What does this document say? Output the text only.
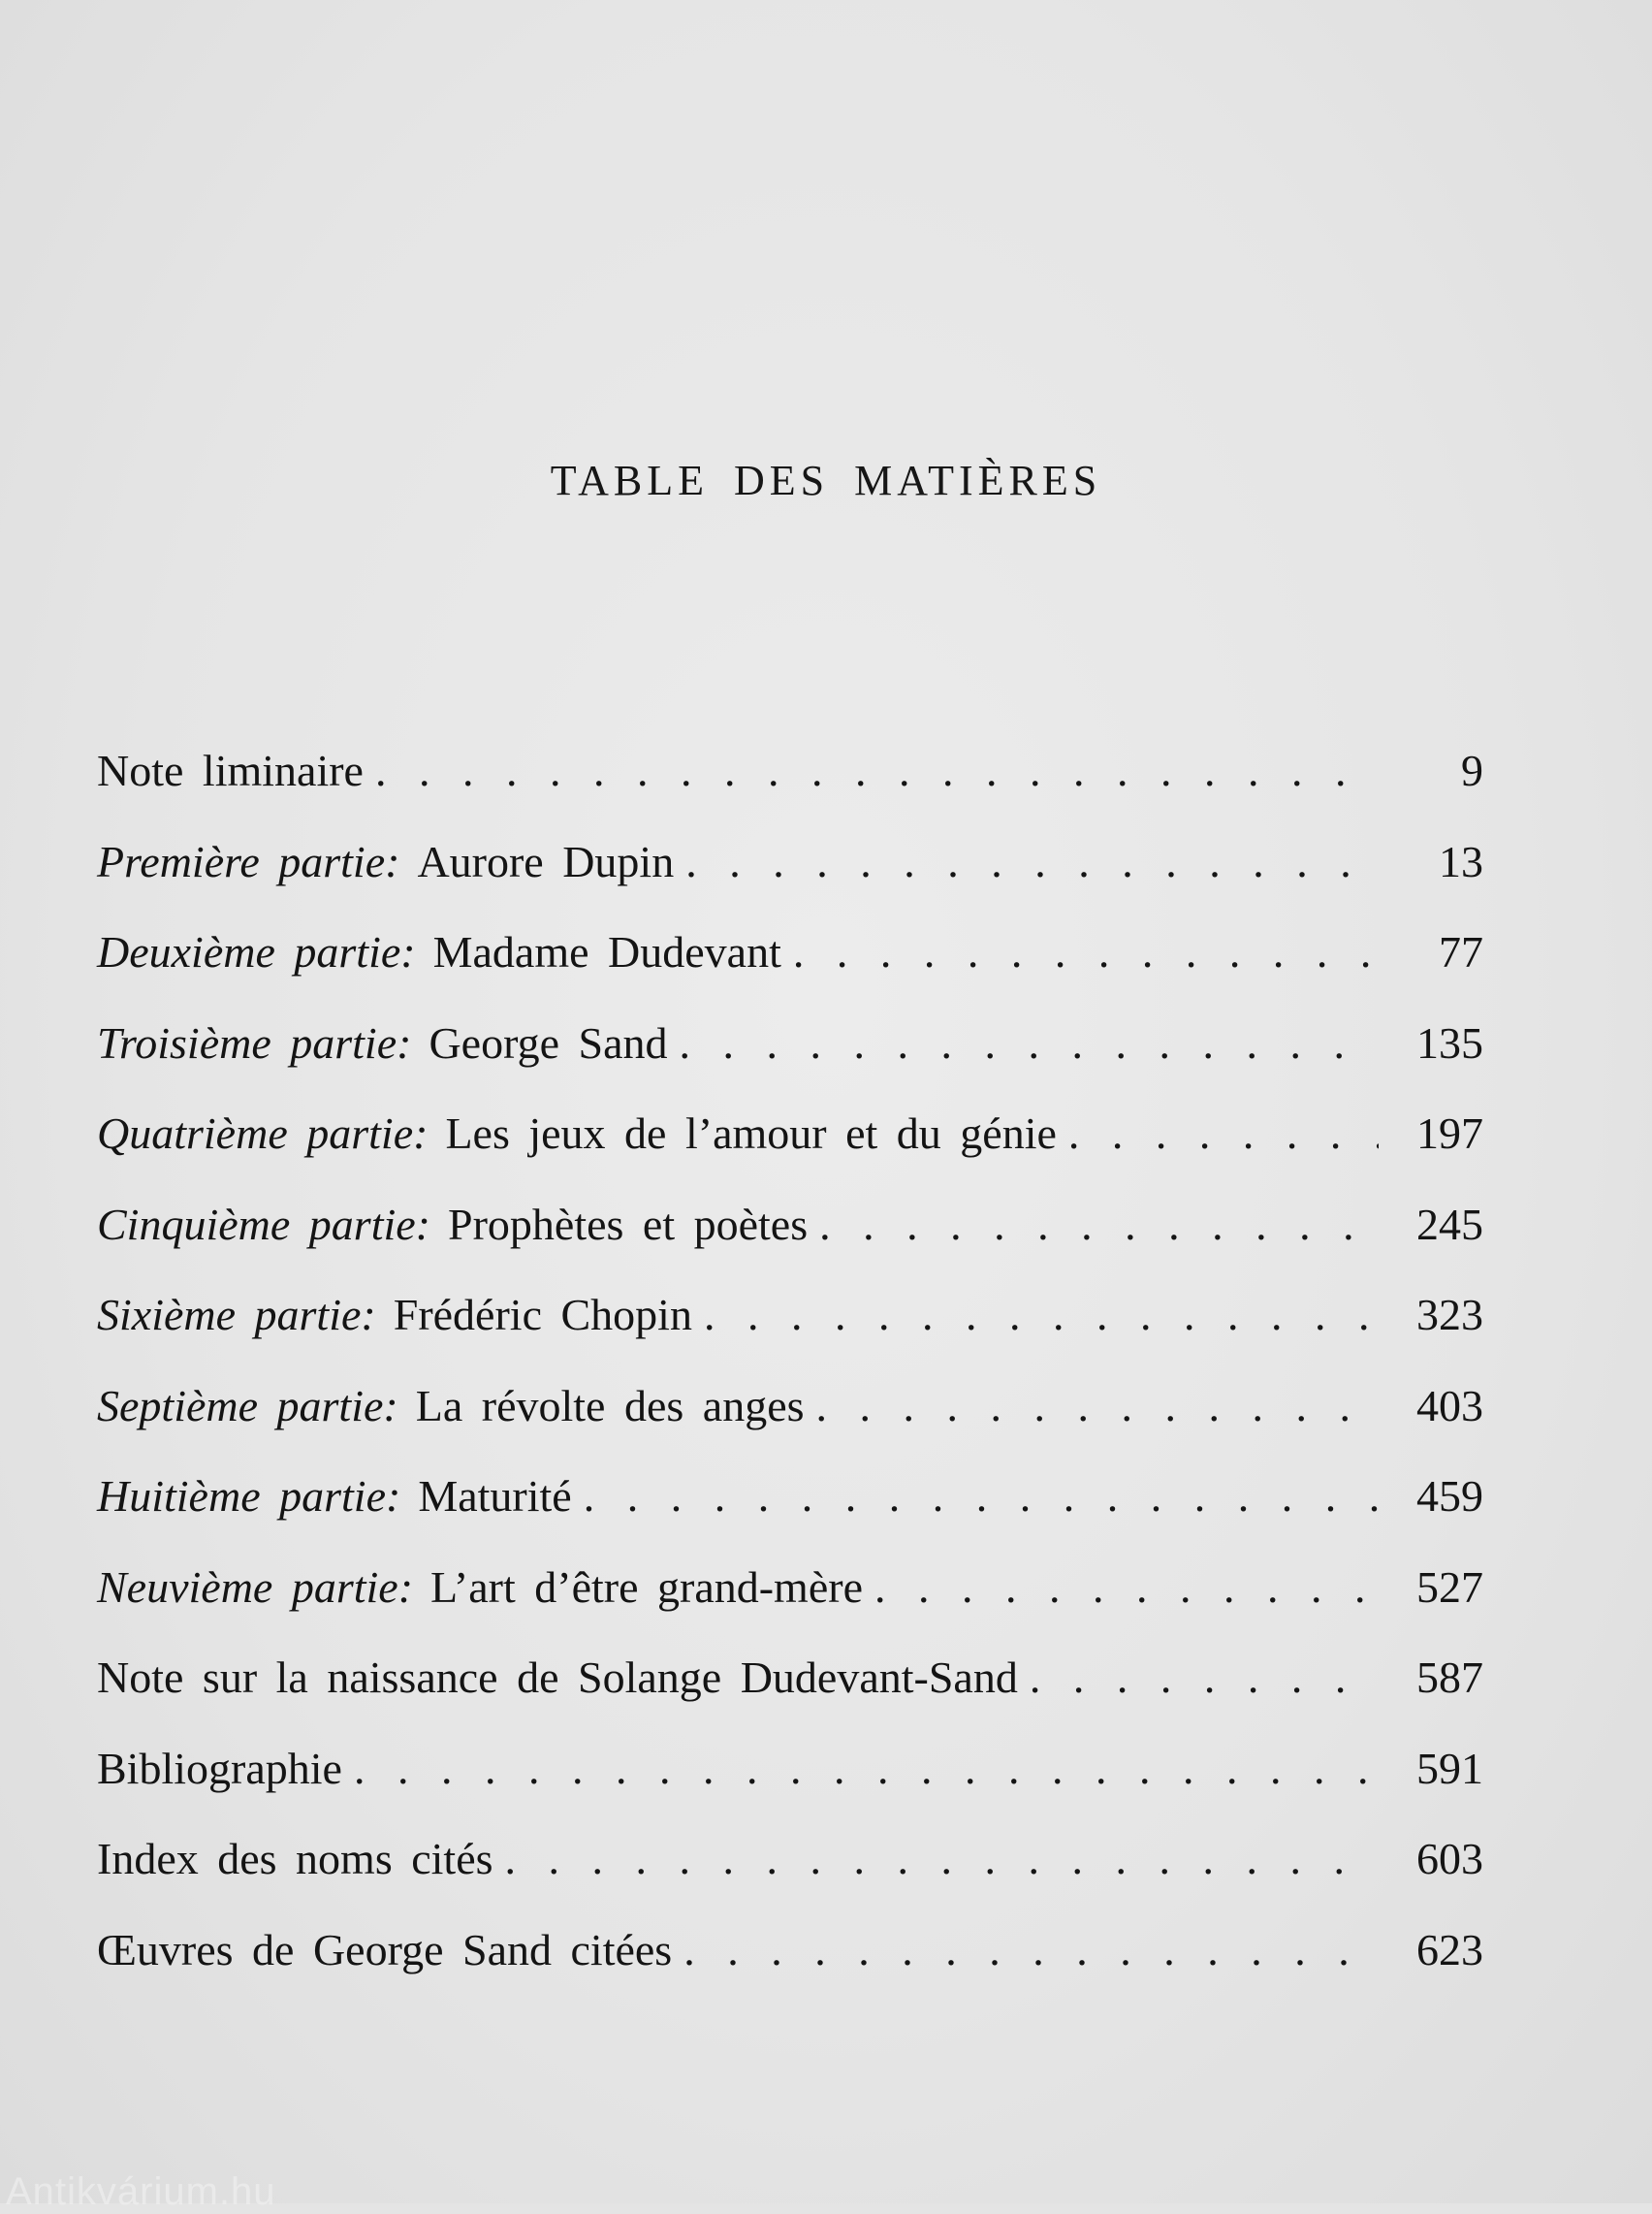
TABLE DES MATIÈRES
Note liminaire . . .	9
Première partie: Aurore Dupin . . .	13
Deuxième partie: Madame Dudevant . . .	77
Troisième partie: George Sand . . .	135
Quatrième partie: Les jeux de l’amour et du génie . . .	197
Cinquième partie: Prophètes et poètes . . .	245
Sixième partie: Frédéric Chopin . . .	323
Septième partie: La révolte des anges . . .	403
Huitième partie: Maturité . . .	459
Neuvième partie: L’art d’être grand-mère . . .	527
Note sur la naissance de Solange Dudevant-Sand . . .	587
Bibliographie . . .	591
Index des noms cités . . .	603
Œuvres de George Sand citées . . .	623
Antikvárium.hu
